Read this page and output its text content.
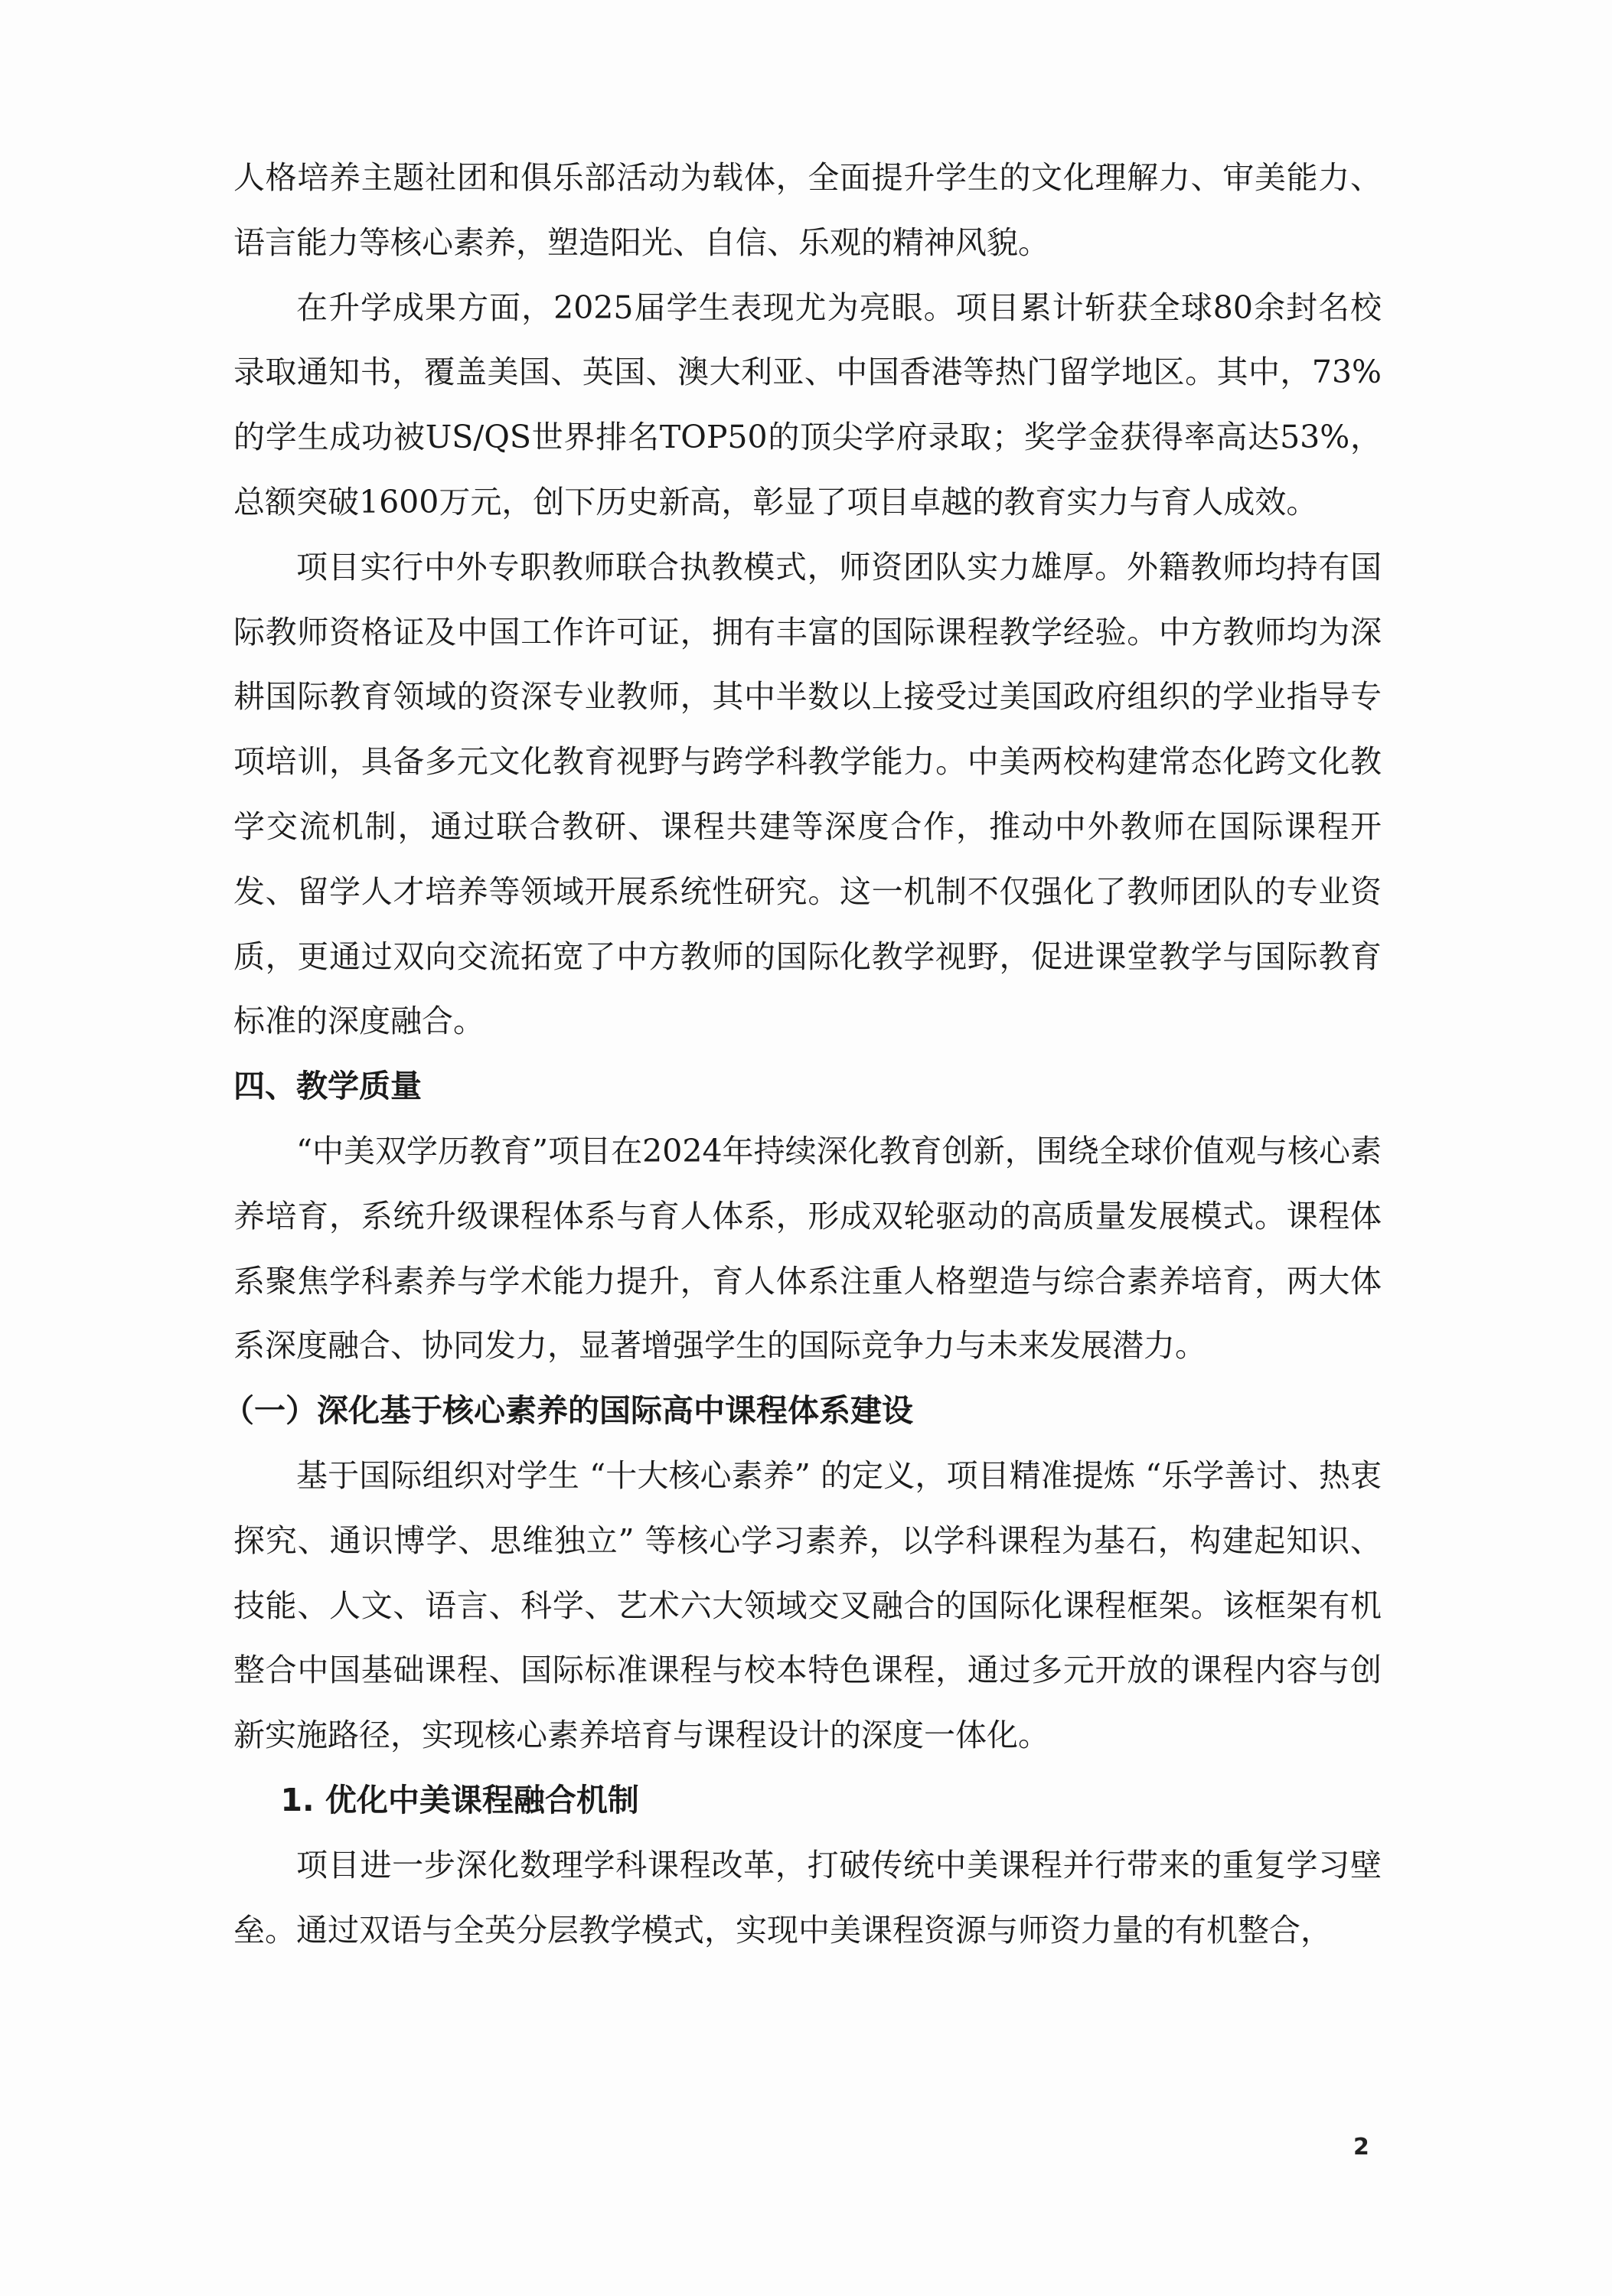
人格培养主题社团和俱乐部活动为载体，全面提升学生的文化理解力、审美能力、语言能力等核心素养，塑造阳光、自信、乐观的精神风貌。

在升学成果方面，2025届学生表现尤为亮眼。项目累计斩获全球80余封名校录取通知书，覆盖美国、英国、澳大利亚、中国香港等热门留学地区。其中，73%的学生成功被US/QS世界排名TOP50的顶尖学府录取；奖学金获得率高达53%，总额突破1600万元，创下历史新高，彰显了项目卓越的教育实力与育人成效。

项目实行中外专职教师联合执教模式，师资团队实力雄厚。外籍教师均持有国际教师资格证及中国工作许可证，拥有丰富的国际课程教学经验。中方教师均为深耕国际教育领域的资深专业教师，其中半数以上接受过美国政府组织的学业指导专项培训，具备多元文化教育视野与跨学科教学能力。中美两校构建常态化跨文化教学交流机制，通过联合教研、课程共建等深度合作，推动中外教师在国际课程开发、留学人才培养等领域开展系统性研究。这一机制不仅强化了教师团队的专业资质，更通过双向交流拓宽了中方教师的国际化教学视野，促进课堂教学与国际教育标准的深度融合。

四、教学质量

“中美双学历教育”项目在2024年持续深化教育创新，围绕全球价值观与核心素养培育，系统升级课程体系与育人体系，形成双轮驱动的高质量发展模式。课程体系聚焦学科素养与学术能力提升，育人体系注重人格塑造与综合素养培育，两大体系深度融合、协同发力，显著增强学生的国际竞争力与未来发展潜力。

（一）深化基于核心素养的国际高中课程体系建设

基于国际组织对学生 “十大核心素养” 的定义，项目精准提炼 “乐学善讨、热衷探究、通识博学、思维独立” 等核心学习素养，以学科课程为基石，构建起知识、技能、人文、语言、科学、艺术六大领域交叉融合的国际化课程框架。该框架有机整合中国基础课程、国际标准课程与校本特色课程，通过多元开放的课程内容与创新实施路径，实现核心素养培育与课程设计的深度一体化。

1. 优化中美课程融合机制

项目进一步深化数理学科课程改革，打破传统中美课程并行带来的重复学习壁垒。通过双语与全英分层教学模式，实现中美课程资源与师资力量的有机整合，

2
